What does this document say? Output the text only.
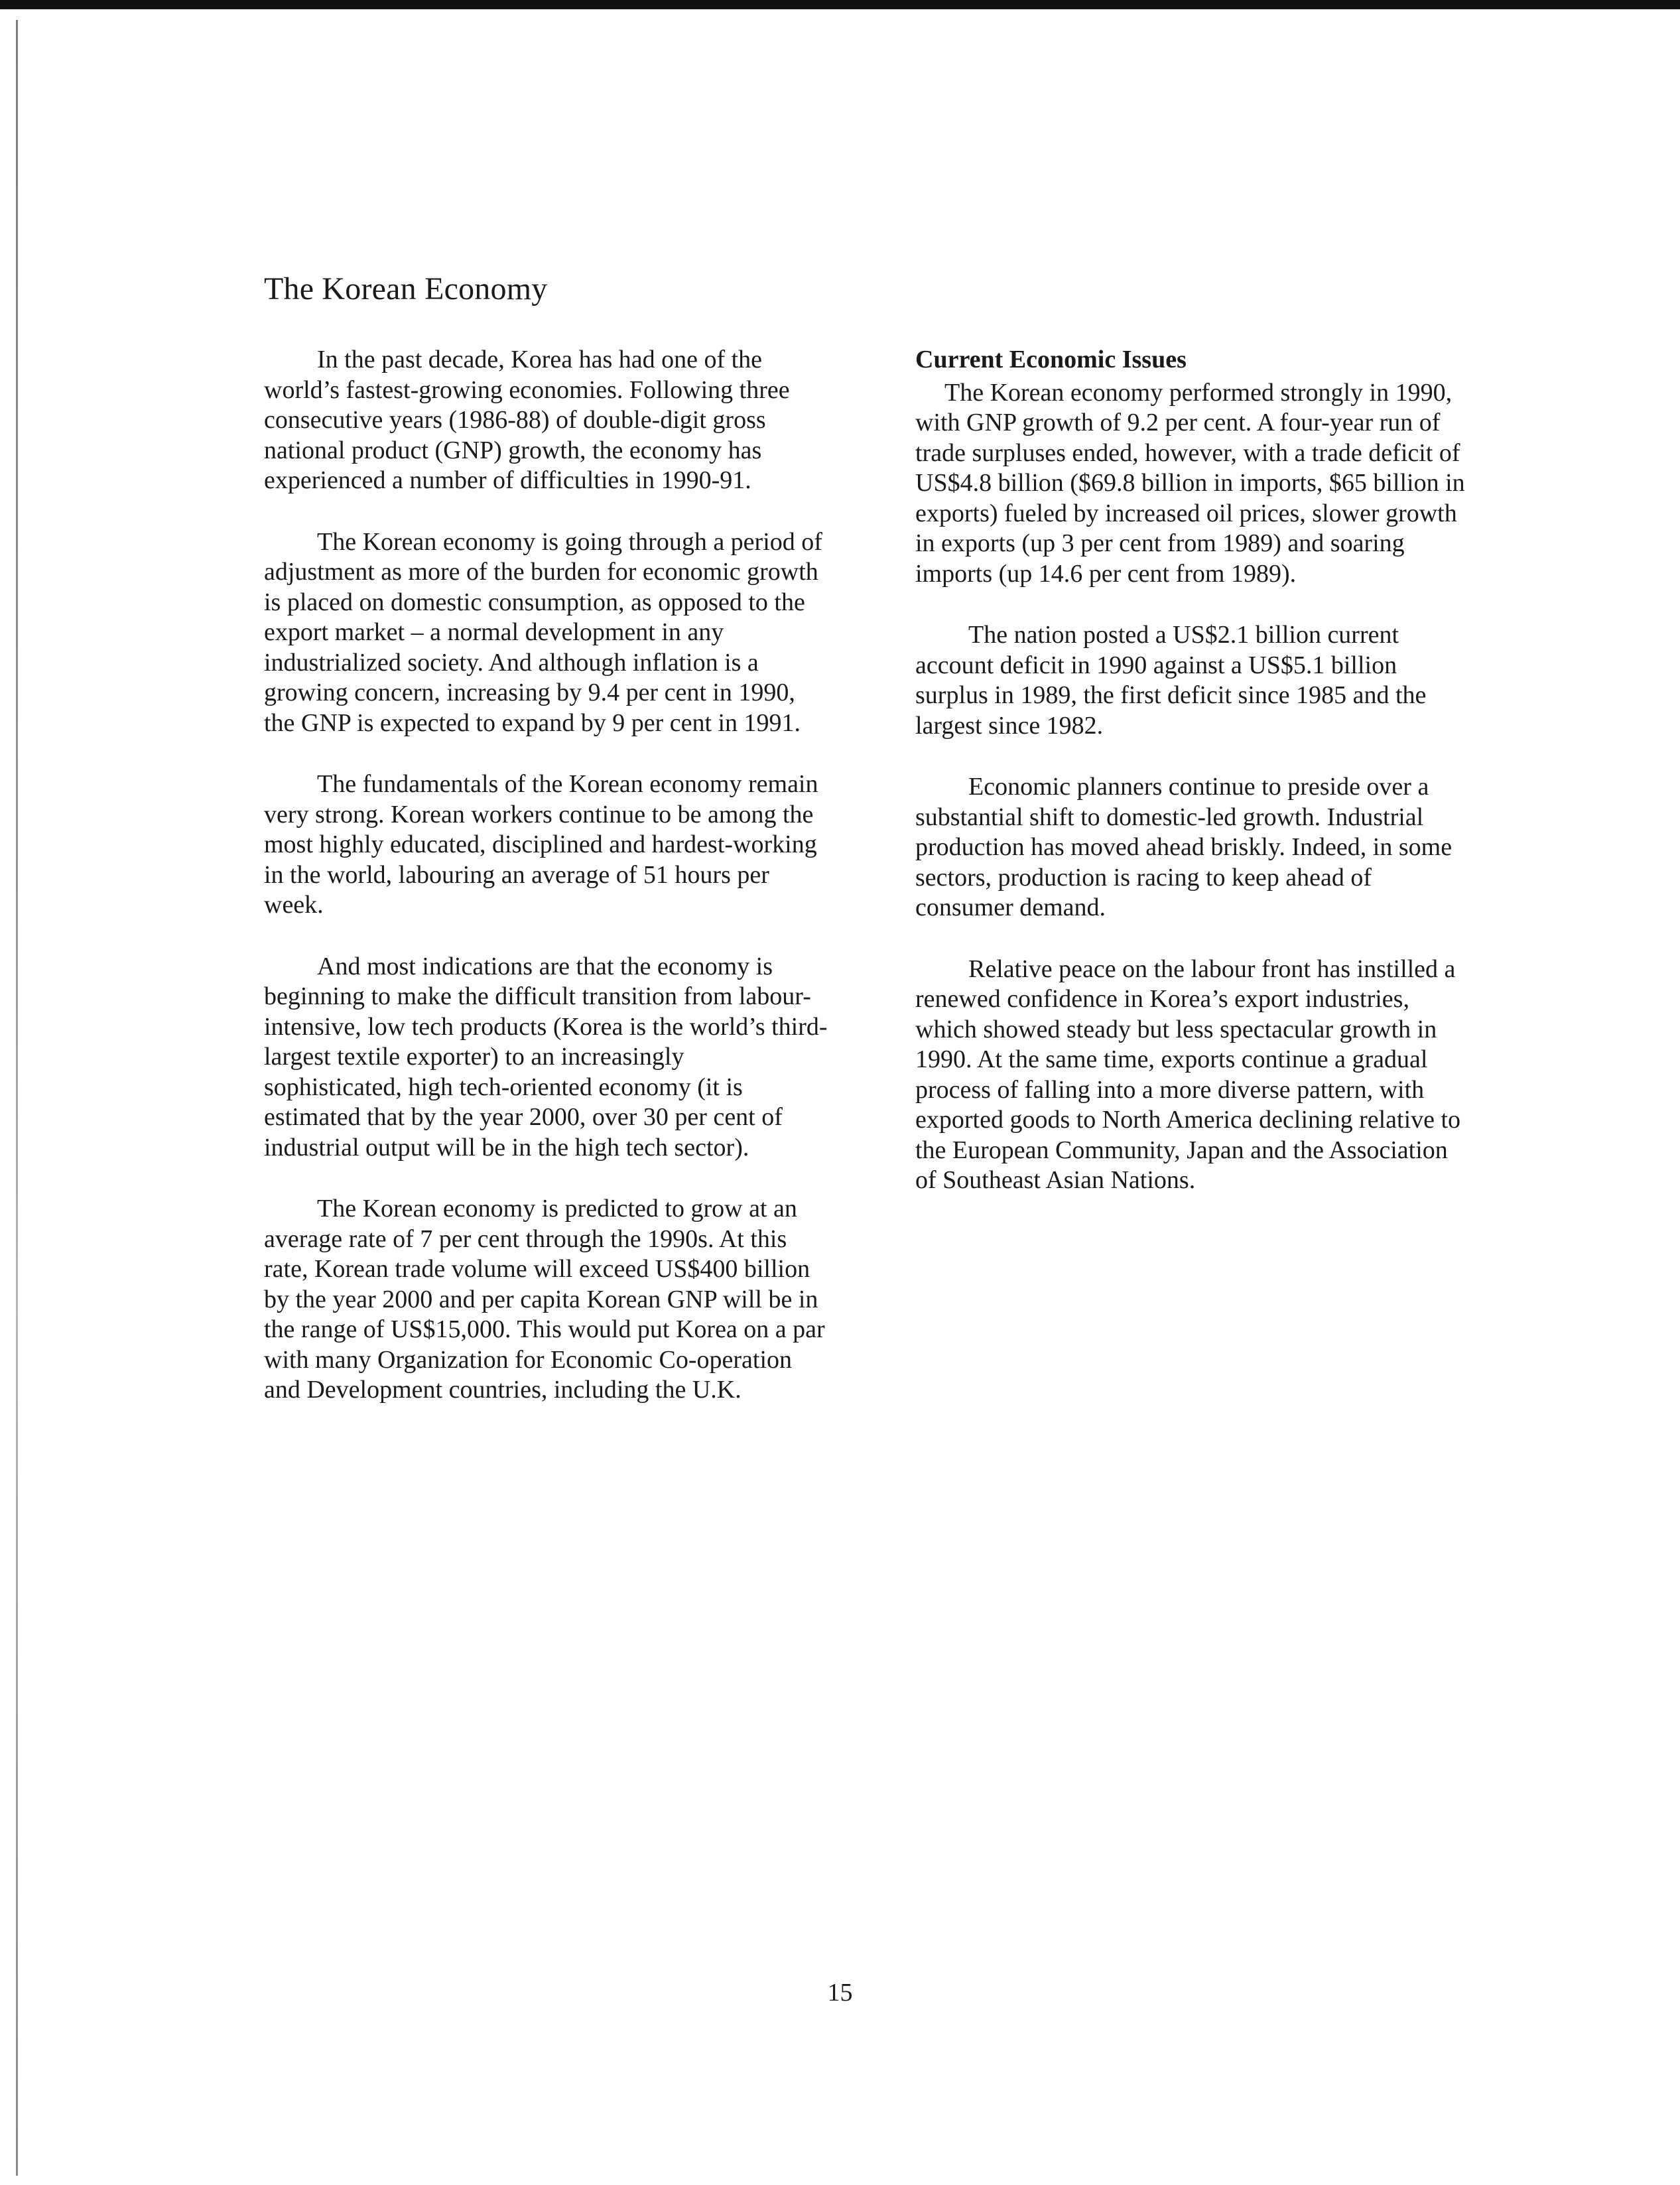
The Korean Economy

In the past decade, Korea has had one of the world’s fastest-growing economies. Following three consecutive years (1986-88) of double-digit gross national product (GNP) growth, the economy has experienced a number of difficulties in 1990-91.

The Korean economy is going through a period of adjustment as more of the burden for economic growth is placed on domestic consumption, as opposed to the export market – a normal development in any industrialized society. And although inflation is a growing concern, increasing by 9.4 per cent in 1990, the GNP is expected to expand by 9 per cent in 1991.

The fundamentals of the Korean economy remain very strong. Korean workers continue to be among the most highly educated, disciplined and hardest-working in the world, labouring an average of 51 hours per week.

And most indications are that the economy is beginning to make the difficult transition from labour-intensive, low tech products (Korea is the world’s third-largest textile exporter) to an increasingly sophisticated, high tech-oriented economy (it is estimated that by the year 2000, over 30 per cent of industrial output will be in the high tech sector).

The Korean economy is predicted to grow at an average rate of 7 per cent through the 1990s. At this rate, Korean trade volume will exceed US$400 billion by the year 2000 and per capita Korean GNP will be in the range of US$15,000. This would put Korea on a par with many Organization for Economic Co-operation and Development countries, including the U.K.

Current Economic Issues

The Korean economy performed strongly in 1990, with GNP growth of 9.2 per cent. A four-year run of trade surpluses ended, however, with a trade deficit of US$4.8 billion ($69.8 billion in imports, $65 billion in exports) fueled by increased oil prices, slower growth in exports (up 3 per cent from 1989) and soaring imports (up 14.6 per cent from 1989).

The nation posted a US$2.1 billion current account deficit in 1990 against a US$5.1 billion surplus in 1989, the first deficit since 1985 and the largest since 1982.

Economic planners continue to preside over a substantial shift to domestic-led growth. Industrial production has moved ahead briskly. Indeed, in some sectors, production is racing to keep ahead of consumer demand.

Relative peace on the labour front has instilled a renewed confidence in Korea’s export industries, which showed steady but less spectacular growth in 1990. At the same time, exports continue a gradual process of falling into a more diverse pattern, with exported goods to North America declining relative to the European Community, Japan and the Association of Southeast Asian Nations.

15
